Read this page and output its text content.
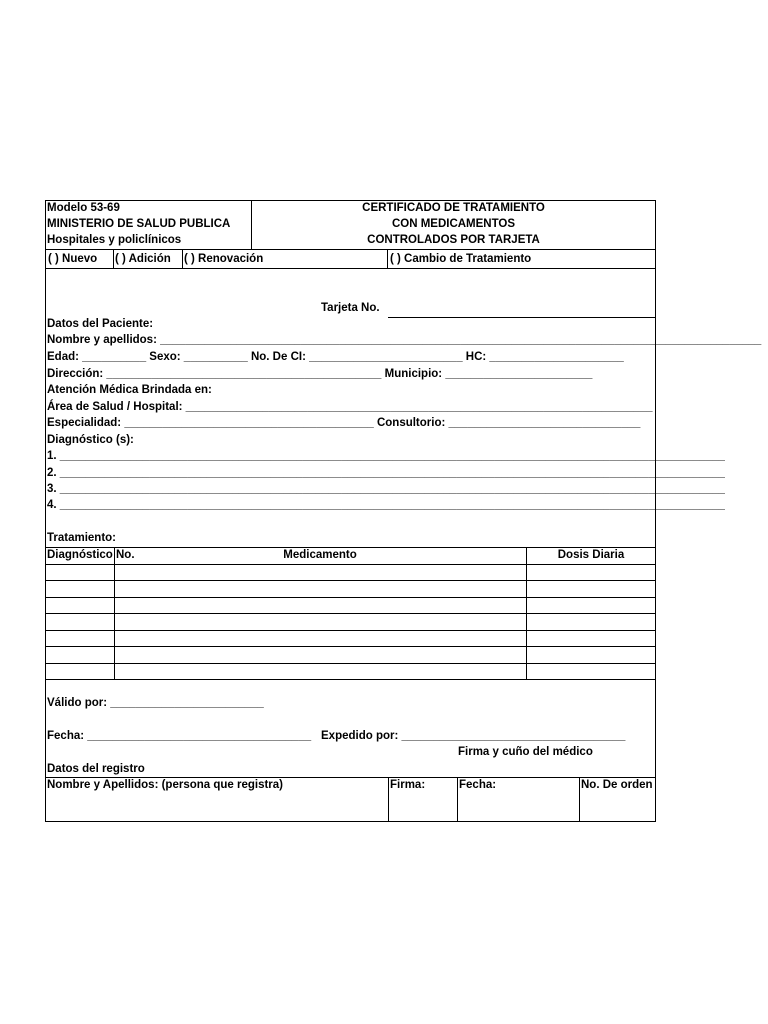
Modelo 53-69
MINISTERIO DE SALUD PUBLICA
Hospitales y policlínicos
CERTIFICADO DE TRATAMIENTO
CON MEDICAMENTOS
CONTROLADOS POR TARJETA
( ) Nuevo ( ) Adición ( ) Renovación	( ) Cambio de Tratamiento
Tarjeta No.
Datos del Paciente:
Nombre y apellidos: ______________________________________________________________________________________________
Edad: __________ Sexo: __________ No. De CI: ________________________ HC: _____________________
Dirección: ___________________________________________ Municipio: _______________________
Atención Médica Brindada en:
Área de Salud / Hospital: _________________________________________________________________________
Especialidad: _______________________________________ Consultorio: ______________________________
Diagnóstico (s):
1. ________________________________________________________________________________________________________
2. ________________________________________________________________________________________________________
3. ________________________________________________________________________________________________________
4. ________________________________________________________________________________________________________
Tratamiento:
Diagnóstico No.	Medicamento	Dosis Diaria
Válido por: ________________________
Fecha: ___________________________________ Expedido por: ___________________________________
Firma y cuño del médico
Datos del registro
Nombre y Apellidos: (persona que registra)	Firma:	Fecha:	No. De orden
